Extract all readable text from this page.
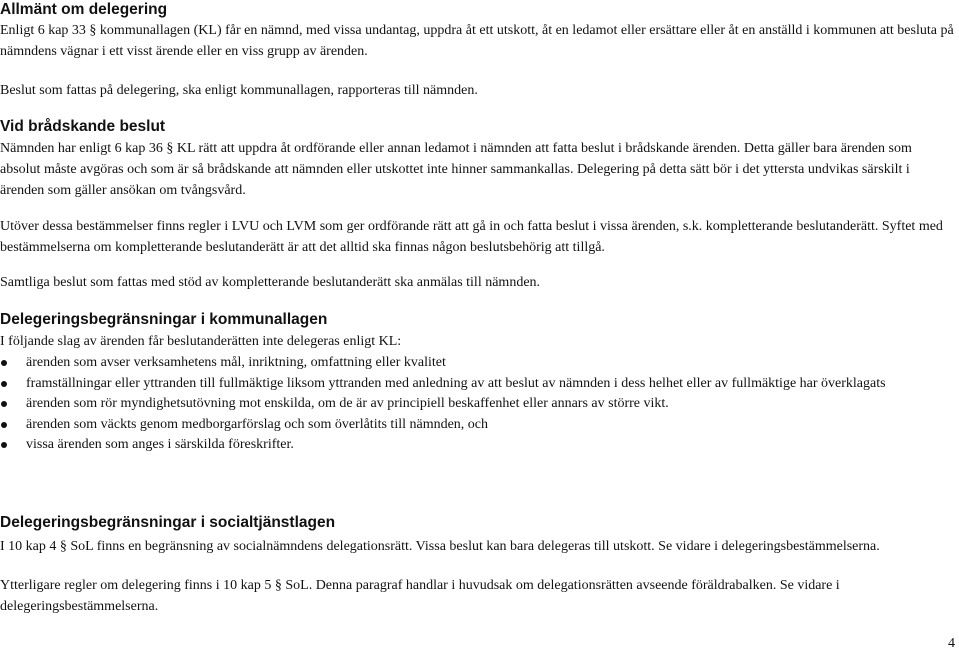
Allmänt om delegering

Enligt 6 kap 33 § kommunallagen (KL) får en nämnd, med vissa undantag, uppdra åt ett utskott, åt en ledamot eller ersättare eller åt en anställd i kommunen att besluta på nämndens vägnar i ett visst ärende eller en viss grupp av ärenden.

Beslut som fattas på delegering, ska enligt kommunallagen, rapporteras till nämnden.

Vid brådskande beslut

Nämnden har enligt 6 kap 36 § KL rätt att uppdra åt ordförande eller annan ledamot i nämnden att fatta beslut i brådskande ärenden. Detta gäller bara ärenden som absolut måste avgöras och som är så brådskande att nämnden eller utskottet inte hinner sammankallas. Delegering på detta sätt bör i det yttersta undvikas särskilt i ärenden som gäller ansökan om tvångsvård.

Utöver dessa bestämmelser finns regler i LVU och LVM som ger ordförande rätt att gå in och fatta beslut i vissa ärenden, s.k. kompletterande beslutanderätt. Syftet med bestämmelserna om kompletterande beslutanderätt är att det alltid ska finnas någon beslutsbehörig att tillgå.

Samtliga beslut som fattas med stöd av kompletterande beslutanderätt ska anmälas till nämnden.

Delegeringsbegränsningar i kommunallagen

I följande slag av ärenden får beslutanderätten inte delegeras enligt KL:

ärenden som avser verksamhetens mål, inriktning, omfattning eller kvalitet
framställningar eller yttranden till fullmäktige liksom yttranden med anledning av att beslut av nämnden i dess helhet eller av fullmäktige har överklagats
ärenden som rör myndighetsutövning mot enskilda, om de är av principiell beskaffenhet eller annars av större vikt.
ärenden som väckts genom medborgarförslag och som överlåtits till nämnden, och
vissa ärenden som anges i särskilda föreskrifter.
Delegeringsbegränsningar i socialtjänstlagen

I 10 kap 4 § SoL finns en begränsning av socialnämndens delegationsrätt. Vissa beslut kan bara delegeras till utskott. Se vidare i delegeringsbestämmelserna.

Ytterligare regler om delegering finns i 10 kap 5 § SoL. Denna paragraf handlar i huvudsak om delegationsrätten avseende föräldrabalken. Se vidare i delegeringsbestämmelserna.

4
